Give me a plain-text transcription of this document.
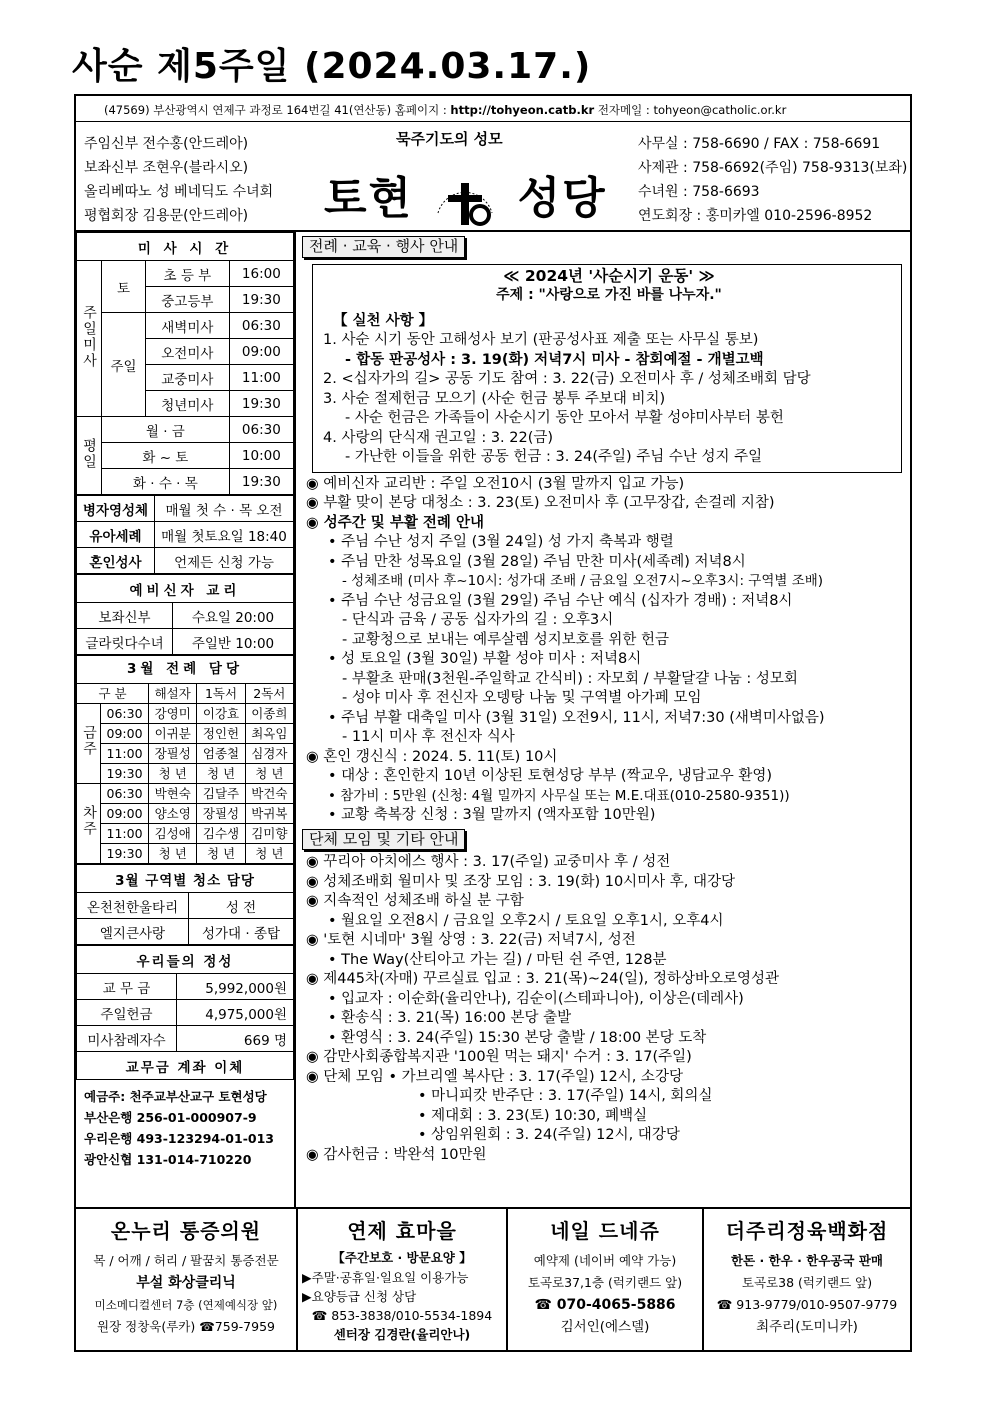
사순 제5주일 (2024.03.17.)
(47569) 부산광역시 연제구 과정로 164번길 41(연산동) 홈페이지 : http://tohyeon.catb.kr 전자메일 : tohyeon@catholic.or.kr
주임신부 전수홍(안드레아)
보좌신부 조현우(블라시오)
올리베따노 성 베네딕도 수녀회
평협회장 김용문(안드레아)
묵주기도의 성모
토현 성당
사무실 : 758-6690 / FAX : 758-6691
사제관 : 758-6692(주임) 758-9313(보좌)
수녀원 : 758-6693
연도회장 : 홍미카엘 010-2596-8952
미 사 시 간			
주일미사	토	초 등 부	16:00
		중고등부	19:30
	주일	새벽미사	06:30
		오전미사	09:00
		교중미사	11:00
		청년미사	19:30
평일	월 · 금		06:30
	화 ~ 토		10:00
	화 · 수 · 목		19:30
병자영성체	매월 첫 수 · 목 오전
유아세례	매월 첫토요일 18:40
혼인성사	언제든 신청 가능
예비신자 교리	
보좌신부	수요일 20:00
글라릿다수녀	주일반 10:00
3월 전례 담당				
구 분		해설자	1독서	2독서
금주	06:30	강영미	이강효	이종희
	09:00	이귀분	정인헌	최옥임
	11:00	장필성	엄종철	심경자
	19:30	청 년	청 년	청 년
차주	06:30	박현숙	김달주	박건숙
	09:00	양소영	장필성	박귀복
	11:00	김성애	김수생	김미향
	19:30	청 년	청 년	청 년
3월 구역별 청소 담당	
온천천한울타리	성 전
엘지큰사랑	성가대 · 종탑
우리들의 정성	
교 무 금	5,992,000원
주일헌금	4,975,000원
미사참례자수	669 명
교무금 계좌 이체	
예금주: 천주교부산교구 토현성당
부산은행 256-01-000907-9
우리은행 493-123294-01-013
광안신협 131-014-710220
전례 · 교육 · 행사 안내
≪ 2024년 '사순시기 운동' ≫
주제 : "사랑으로 가진 바를 나누자."
【 실천 사항 】
1. 사순 시기 동안 고해성사 보기 (판공성사표 제출 또는 사무실 통보)
- 합동 판공성사 : 3. 19(화) 저녁7시 미사 - 참회예절 - 개별고백
2. <십자가의 길> 공동 기도 참여 : 3. 22(금) 오전미사 후 / 성체조배회 담당
3. 사순 절제헌금 모으기 (사순 헌금 봉투 주보대 비치)
- 사순 헌금은 가족들이 사순시기 동안 모아서 부활 성야미사부터 봉헌
4. 사랑의 단식재 권고일 : 3. 22(금)
- 가난한 이들을 위한 공동 헌금 : 3. 24(주일) 주님 수난 성지 주일
◉ 예비신자 교리반 : 주일 오전10시 (3월 말까지 입교 가능)
◉ 부활 맞이 본당 대청소 : 3. 23(토) 오전미사 후 (고무장갑, 손걸레 지참)
◉ 성주간 및 부활 전례 안내
• 주님 수난 성지 주일 (3월 24일) 성 가지 축복과 행렬
• 주님 만찬 성목요일 (3월 28일) 주님 만찬 미사(세족례) 저녁8시
- 성체조배 (미사 후~10시: 성가대 조배 / 금요일 오전7시~오후3시: 구역별 조배)
• 주님 수난 성금요일 (3월 29일) 주님 수난 예식 (십자가 경배) : 저녁8시
- 단식과 금육 / 공동 십자가의 길 : 오후3시
- 교황청으로 보내는 예루살렘 성지보호를 위한 헌금
• 성 토요일 (3월 30일) 부활 성야 미사 : 저녁8시
- 부활초 판매(3천원-주일학교 간식비) : 자모회 / 부활달걀 나눔 : 성모회
- 성야 미사 후 전신자 오뎅탕 나눔 및 구역별 아가페 모임
• 주님 부활 대축일 미사 (3월 31일) 오전9시, 11시, 저녁7:30 (새벽미사없음)
- 11시 미사 후 전신자 식사
◉ 혼인 갱신식 : 2024. 5. 11(토) 10시
• 대상 : 혼인한지 10년 이상된 토현성당 부부 (짝교우, 냉담교우 환영)
• 참가비 : 5만원 (신청: 4월 밀까지 사무실 또는 M.E.대표(010-2580-9351))
• 교황 축복장 신청 : 3월 말까지 (액자포함 10만원)
단체 모임 및 기타 안내
◉ 꾸리아 아치에스 행사 : 3. 17(주일) 교중미사 후 / 성전
◉ 성체조배회 월미사 및 조장 모임 : 3. 19(화) 10시미사 후, 대강당
◉ 지속적인 성체조배 하실 분 구함
• 월요일 오전8시 / 금요일 오후2시 / 토요일 오후1시, 오후4시
◉ '토현 시네마' 3월 상영 : 3. 22(금) 저녁7시, 성전
• The Way(산티아고 가는 길) / 마틴 쉰 주연, 128분
◉ 제445차(자매) 꾸르실료 입교 : 3. 21(목)~24(일), 정하상바오로영성관
• 입교자 : 이순화(율리안나), 김순이(스테파니아), 이상은(데레사)
• 환송식 : 3. 21(목) 16:00 본당 출발
• 환영식 : 3. 24(주일) 15:30 본당 출발 / 18:00 본당 도착
◉ 감만사회종합복지관 '100원 먹는 돼지' 수거 : 3. 17(주일)
◉ 단체 모임 • 가브리엘 복사단 : 3. 17(주일) 12시, 소강당
• 마니피캇 반주단 : 3. 17(주일) 14시, 회의실
• 제대회 : 3. 23(토) 10:30, 폐백실
• 상임위원회 : 3. 24(주일) 12시, 대강당
◉ 감사헌금 : 박완석 10만원
온누리 통증의원
목 / 어깨 / 허리 / 팔꿈치 통증전문
부설 화상클리닉
미소메디컬센터 7층 (연제예식장 앞)
원장 정창욱(루카) ☎759-7959
연제 효마을
【주간보호 · 방문요양 】
▶주말·공휴일·일요일 이용가능
▶요양등급 신청 상담
☎ 853-3838/010-5534-1894
센터장 김경란(율리안나)
네일 드네쥬
예약제 (네이버 예약 가능)
토곡로37,1층 (럭키랜드 앞)
☎ 070-4065-5886
김서인(에스델)
더주리정육백화점
한돈 · 한우 · 한우공국 판매
토곡로38 (럭키랜드 앞)
☎ 913-9779/010-9507-9779
최주리(도미니카)
